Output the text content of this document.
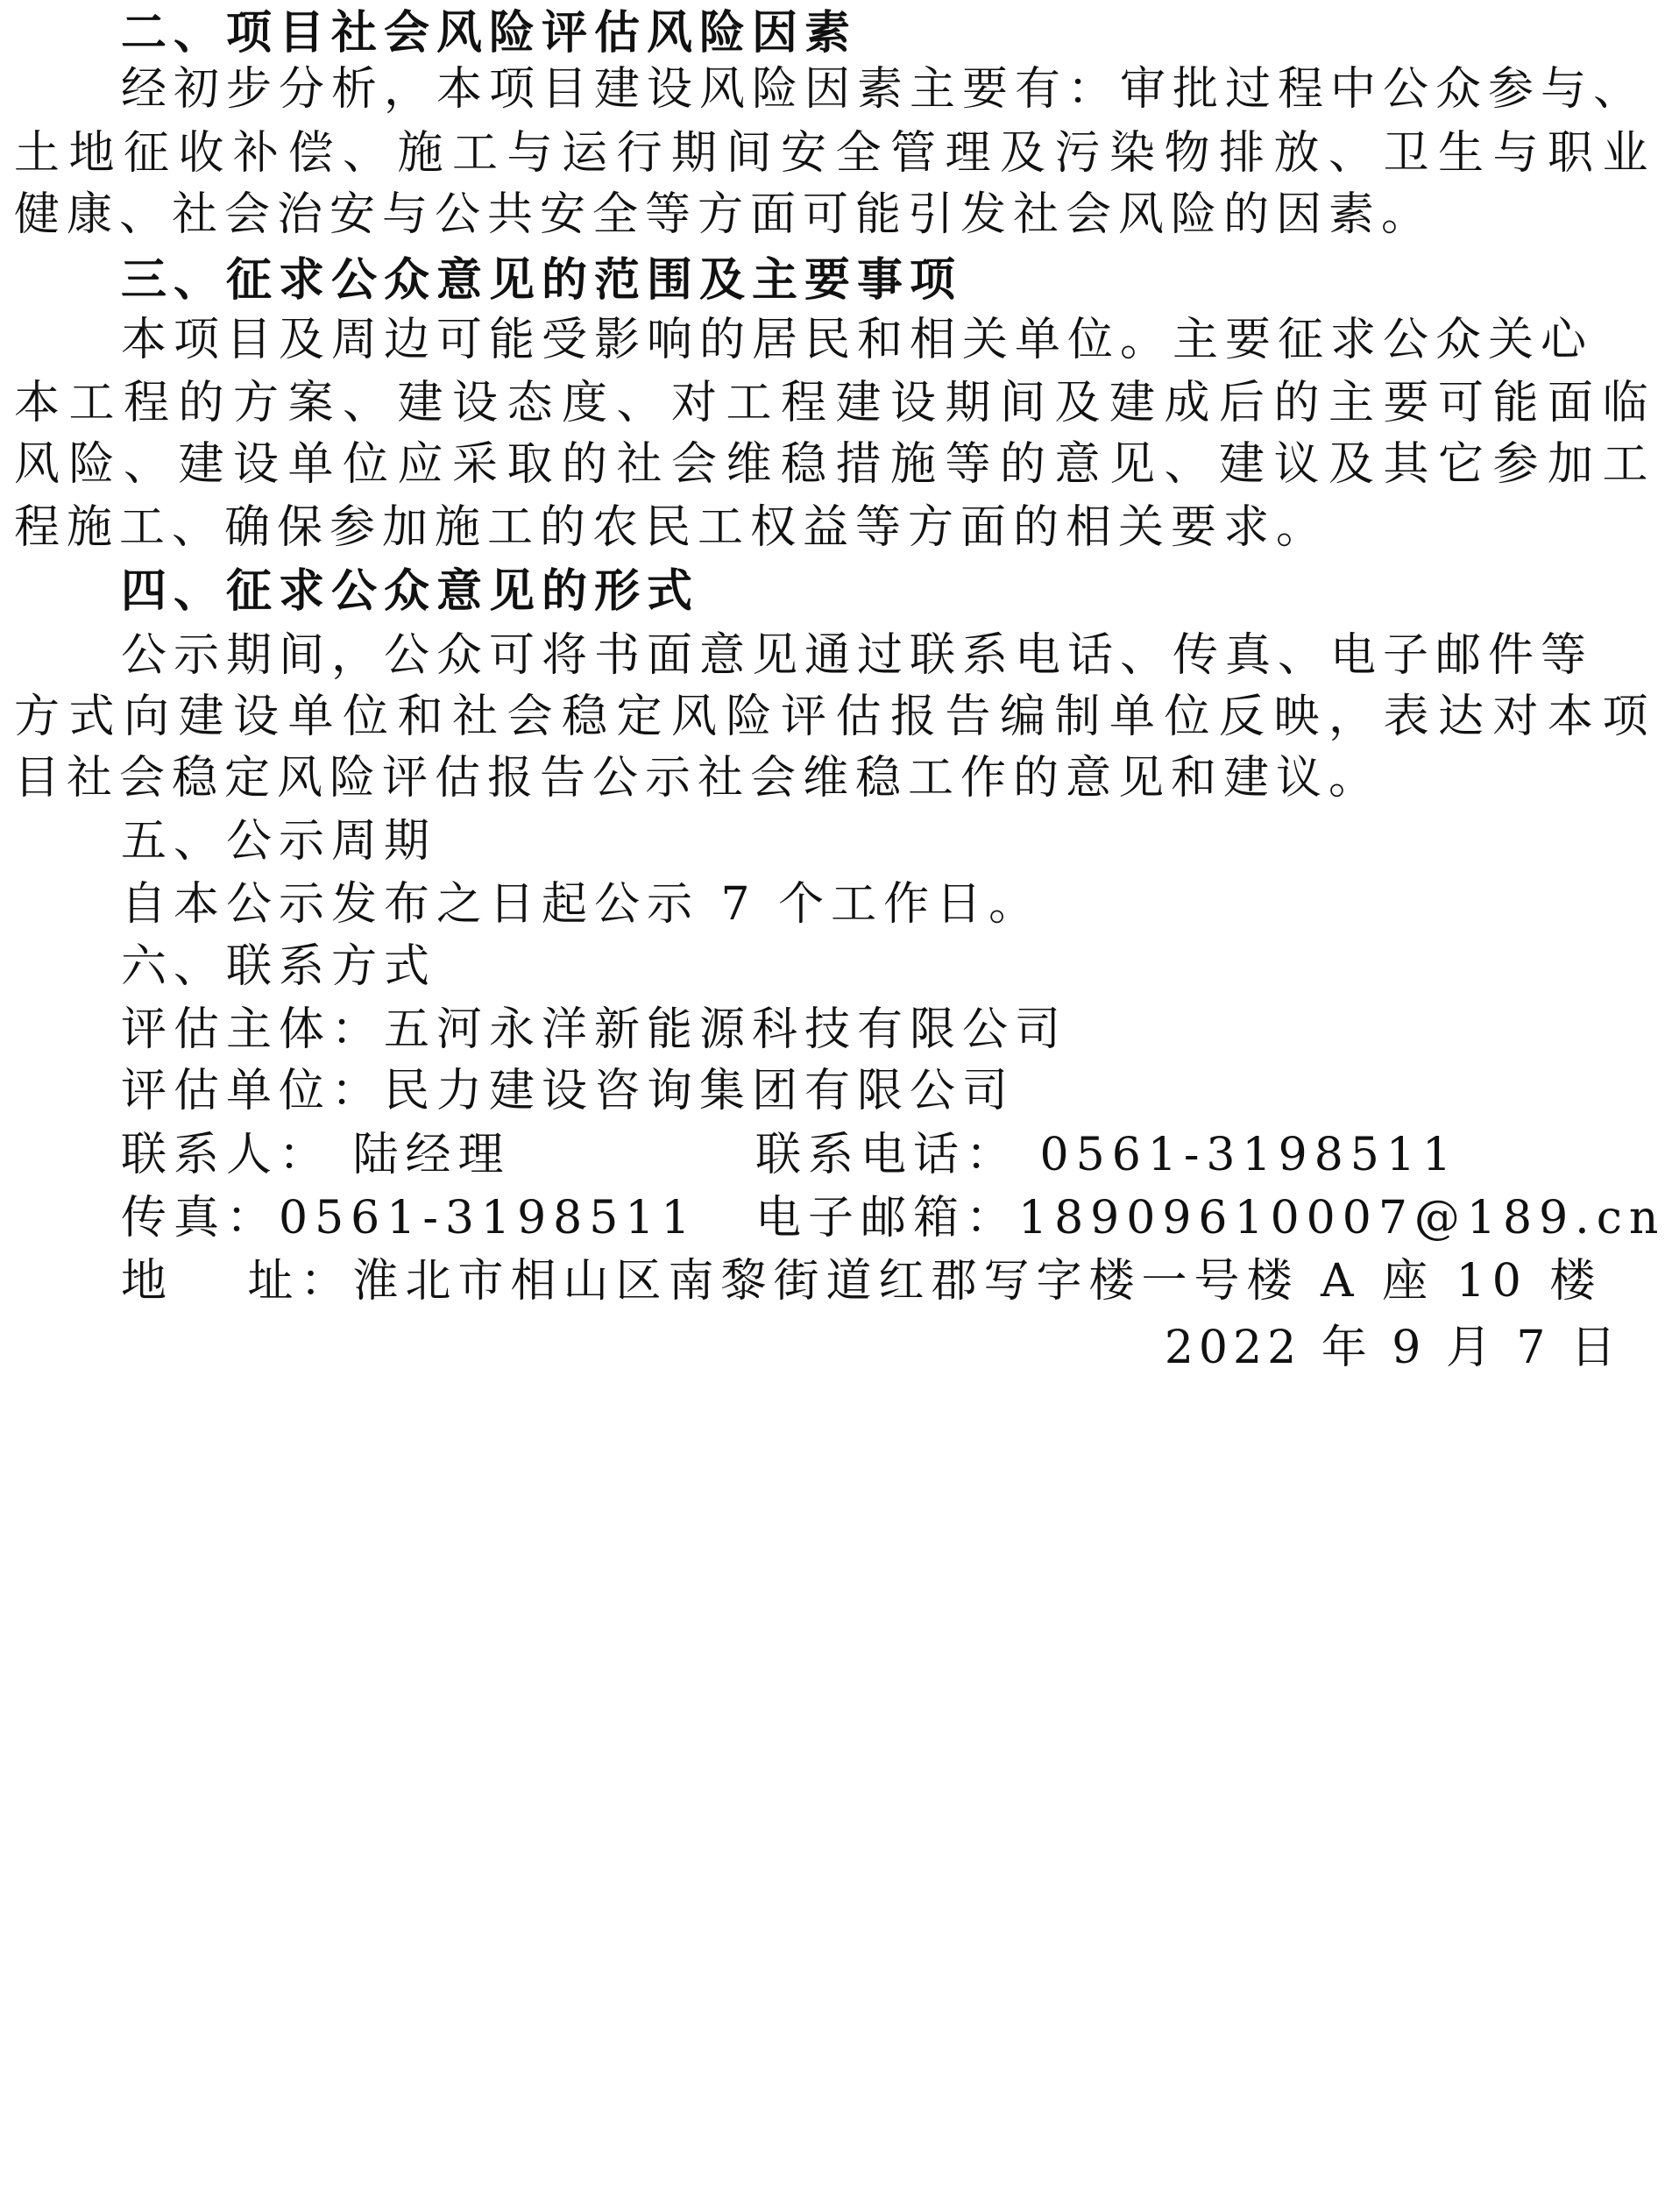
二、项目社会风险评估风险因素
经初步分析，本项目建设风险因素主要有：审批过程中公众参与、
土地征收补偿、施工与运行期间安全管理及污染物排放、卫生与职业
健康、社会治安与公共安全等方面可能引发社会风险的因素。
三、征求公众意见的范围及主要事项
本项目及周边可能受影响的居民和相关单位。主要征求公众关心
本工程的方案、建设态度、对工程建设期间及建成后的主要可能面临
风险、建设单位应采取的社会维稳措施等的意见、建议及其它参加工
程施工、确保参加施工的农民工权益等方面的相关要求。
四、征求公众意见的形式
公示期间，公众可将书面意见通过联系电话、传真、电子邮件等
方式向建设单位和社会稳定风险评估报告编制单位反映，表达对本项
目社会稳定风险评估报告公示社会维稳工作的意见和建议。
五、公示周期
自本公示发布之日起公示 7 个工作日。
六、联系方式
评估主体：五河永洋新能源科技有限公司
评估单位：民力建设咨询集团有限公司
联系人： 陆经理	联系电话： 0561-3198511
传真：0561-3198511 电子邮箱：18909610007@189.cn
地　 址：淮北市相山区南黎街道红郡写字楼一号楼 A 座 10 楼
2022 年 9 月 7 日
